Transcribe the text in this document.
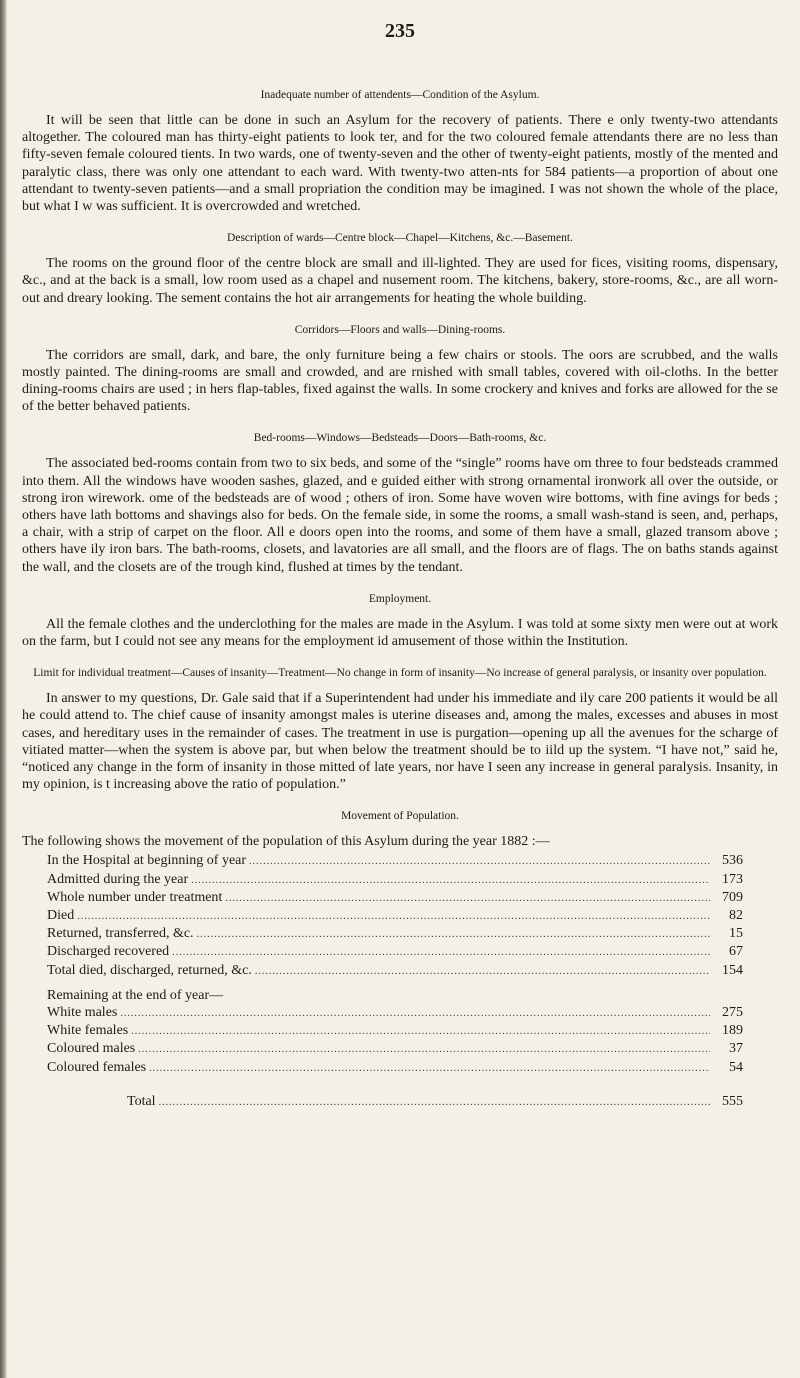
235
Inadequate number of attendents—Condition of the Asylum.

It will be seen that little can be done in such an Asylum for the recovery of patients. There e only twenty-two attendants altogether. The coloured man has thirty-eight patients to look ter, and for the two coloured female attendants there are no less than fifty-seven female coloured tients. In two wards, one of twenty-seven and the other of twenty-eight patients, mostly of the mented and paralytic class, there was only one attendant to each ward. With twenty-two atten-nts for 584 patients—a proportion of about one attendant to twenty-seven patients—and a small propriation the condition may be imagined. I was not shown the whole of the place, but what I w was sufficient. It is overcrowded and wretched.

Description of wards—Centre block—Chapel—Kitchens, &c.—Basement.

The rooms on the ground floor of the centre block are small and ill-lighted. They are used for fices, visiting rooms, dispensary, &c., and at the back is a small, low room used as a chapel and nusement room. The kitchens, bakery, store-rooms, &c., are all worn-out and dreary looking. The sement contains the hot air arrangements for heating the whole building.

Corridors—Floors and walls—Dining-rooms.

The corridors are small, dark, and bare, the only furniture being a few chairs or stools. The oors are scrubbed, and the walls mostly painted. The dining-rooms are small and crowded, and are rnished with small tables, covered with oil-cloths. In the better dining-rooms chairs are used ; in hers flap-tables, fixed against the walls. In some crockery and knives and forks are allowed for the se of the better behaved patients.

Bed-rooms—Windows—Bedsteads—Doors—Bath-rooms, &c.

The associated bed-rooms contain from two to six beds, and some of the “single” rooms have om three to four bedsteads crammed into them. All the windows have wooden sashes, glazed, and e guided either with strong ornamental ironwork all over the outside, or strong iron wirework. ome of the bedsteads are of wood ; others of iron. Some have woven wire bottoms, with fine avings for beds ; others have lath bottoms and shavings also for beds. On the female side, in some the rooms, a small wash-stand is seen, and, perhaps, a chair, with a strip of carpet on the floor. All e doors open into the rooms, and some of them have a small, glazed transom above ; others have ily iron bars. The bath-rooms, closets, and lavatories are all small, and the floors are of flags. The on baths stands against the wall, and the closets are of the trough kind, flushed at times by the tendant.

Employment.

All the female clothes and the underclothing for the males are made in the Asylum. I was told at some sixty men were out at work on the farm, but I could not see any means for the employment id amusement of those within the Institution.

Limit for individual treatment—Causes of insanity—Treatment—No change in form of insanity—No increase of general paralysis, or insanity over population.

In answer to my questions, Dr. Gale said that if a Superintendent had under his immediate and ily care 200 patients it would be all he could attend to. The chief cause of insanity amongst males is uterine diseases and, among the males, excesses and abuses in most cases, and hereditary uses in the remainder of cases. The treatment in use is purgation—opening up all the avenues for the scharge of vitiated matter—when the system is above par, but when below the treatment should be to iild up the system. “I have not,” said he, “noticed any change in the form of insanity in those mitted of late years, nor have I seen any increase in general paralysis. Insanity, in my opinion, is t increasing above the ratio of population.”

Movement of Population.

The following shows the movement of the population of this Asylum during the year 1882 :—

In the Hospital at beginning of year .....	536
Admitted during the year .....	173
Whole number under treatment .....	709
Died .....	82
Returned, transferred, &c. .....	15
Discharged recovered .....	67
Total died, discharged, returned, &c. .....	154
Remaining at the end of year—
White males .....	275
White females .....	189
Coloured males .....	37
Coloured females .....	54
Total .....	555
